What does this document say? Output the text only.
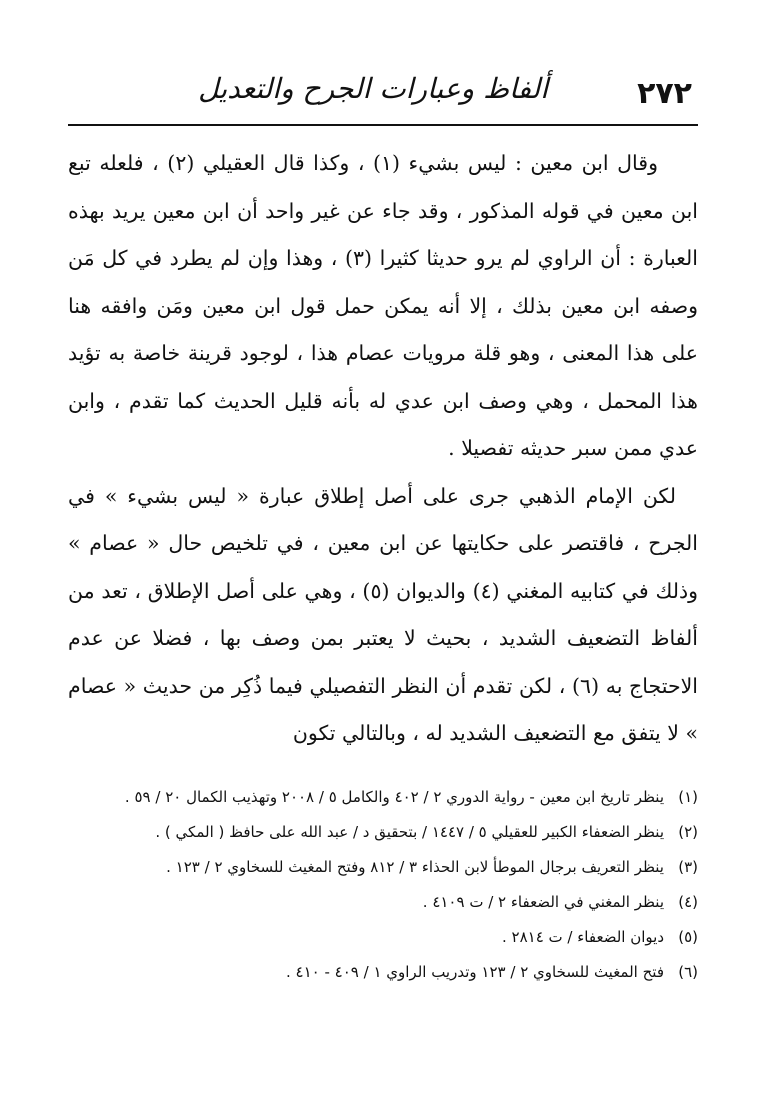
٢٧٢
ألفاظ وعبارات الجرح والتعديل

وقال ابن معين : ليس بشيء (١) ، وكذا قال العقيلي (٢) ، فلعله تبع ابن معين في قوله المذكور ، وقد جاء عن غير واحد أن ابن معين يريد بهذه العبارة : أن الراوي لم يرو حديثا كثيرا (٣) ، وهذا وإن لم يطرد في كل مَن وصفه ابن معين بذلك ، إلا أنه يمكن حمل قول ابن معين ومَن وافقه هنا على هذا المعنى ، وهو قلة مرويات عصام هذا ، لوجود قرينة خاصة به تؤيد هذا المحمل ، وهي وصف ابن عدي له بأنه قليل الحديث كما تقدم ، وابن عدي ممن سبر حديثه تفصيلا .

لكن الإمام الذهبي جرى على أصل إطلاق عبارة « ليس بشيء » في الجرح ، فاقتصر على حكايتها عن ابن معين ، في تلخيص حال « عصام » وذلك في كتابيه المغني (٤) والديوان (٥) ، وهي على أصل الإطلاق ، تعد من ألفاظ التضعيف الشديد ، بحيث لا يعتبر بمن وصف بها ، فضلا عن عدم الاحتجاج به (٦) ، لكن تقدم أن النظر التفصيلي فيما ذُكِر من حديث « عصام » لا يتفق مع التضعيف الشديد له ، وبالتالي تكون

(١)
ينظر تاريخ ابن معين - رواية الدوري ٢ / ٤٠٢ والكامل ٥ / ٢٠٠٨ وتهذيب الكمال ٢٠ / ٥٩ .
(٢)
ينظر الضعفاء الكبير للعقيلي ٥ / ١٤٤٧ / بتحقيق د / عبد الله على حافظ ( المكي ) .
(٣)
ينظر التعريف برجال الموطأ لابن الحذاء ٣ / ٨١٢ وفتح المغيث للسخاوي ٢ / ١٢٣ .
(٤)
ينظر المغني في الضعفاء ٢ / ت ٤١٠٩ .
(٥)
ديوان الضعفاء / ت ٢٨١٤ .
(٦)
فتح المغيث للسخاوي ٢ / ١٢٣ وتدريب الراوي ١ / ٤٠٩ - ٤١٠ .
